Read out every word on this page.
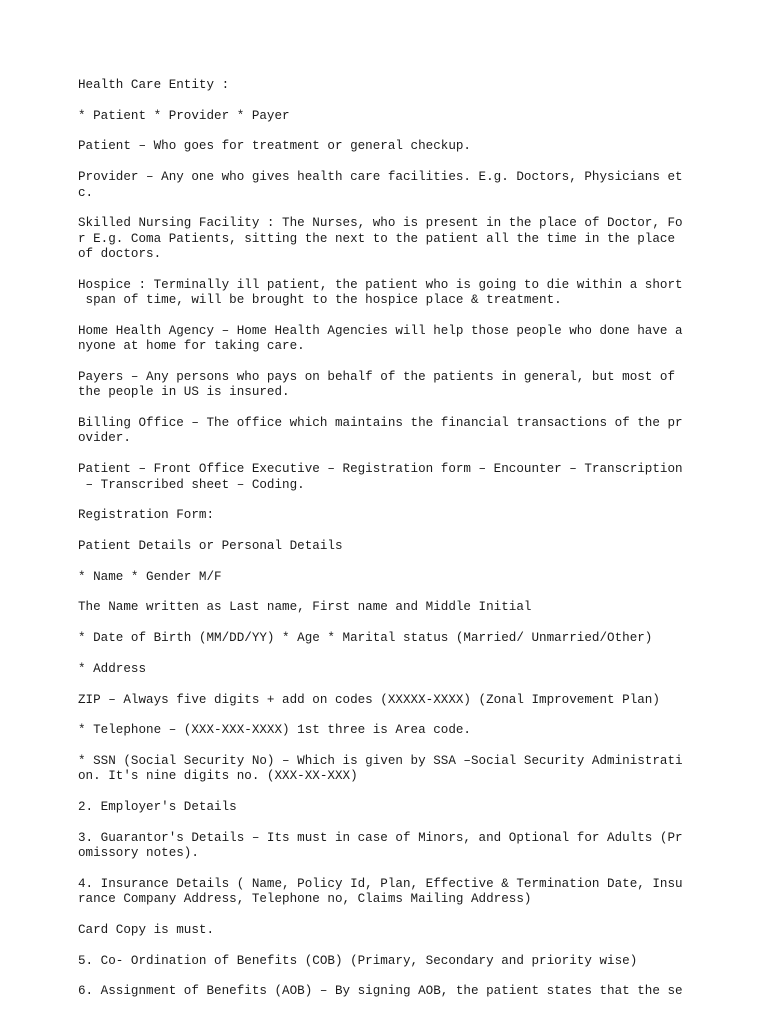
Health Care Entity :

* Patient * Provider * Payer

Patient – Who goes for treatment or general checkup.

Provider – Any one who gives health care facilities. E.g. Doctors, Physicians et
c.

Skilled Nursing Facility : The Nurses, who is present in the place of Doctor, Fo
r E.g. Coma Patients, sitting the next to the patient all the time in the place
of doctors.

Hospice : Terminally ill patient, the patient who is going to die within a short
span of time, will be brought to the hospice place & treatment.

Home Health Agency – Home Health Agencies will help those people who done have a
nyone at home for taking care.

Payers – Any persons who pays on behalf of the patients in general, but most of
the people in US is insured.

Billing Office – The office which maintains the financial transactions of the pr
ovider.

Patient – Front Office Executive – Registration form – Encounter – Transcription
– Transcribed sheet – Coding.

Registration Form:

Patient Details or Personal Details

* Name * Gender M/F

The Name written as Last name, First name and Middle Initial

* Date of Birth (MM/DD/YY) * Age * Marital status (Married/ Unmarried/Other)

* Address

ZIP – Always five digits + add on codes (XXXXX-XXXX) (Zonal Improvement Plan)

* Telephone – (XXX-XXX-XXXX) 1st three is Area code.

* SSN (Social Security No) – Which is given by SSA –Social Security Administrati
on. It's nine digits no. (XXX-XX-XXX)

2. Employer's Details

3. Guarantor's Details – Its must in case of Minors, and Optional for Adults (Pr
omissory notes).

4. Insurance Details ( Name, Policy Id, Plan, Effective & Termination Date, Insu
rance Company Address, Telephone no, Claims Mailing Address)

Card Copy is must.

5. Co- Ordination of Benefits (COB) (Primary, Secondary and priority wise)

6. Assignment of Benefits (AOB) – By signing AOB, the patient states that the se
